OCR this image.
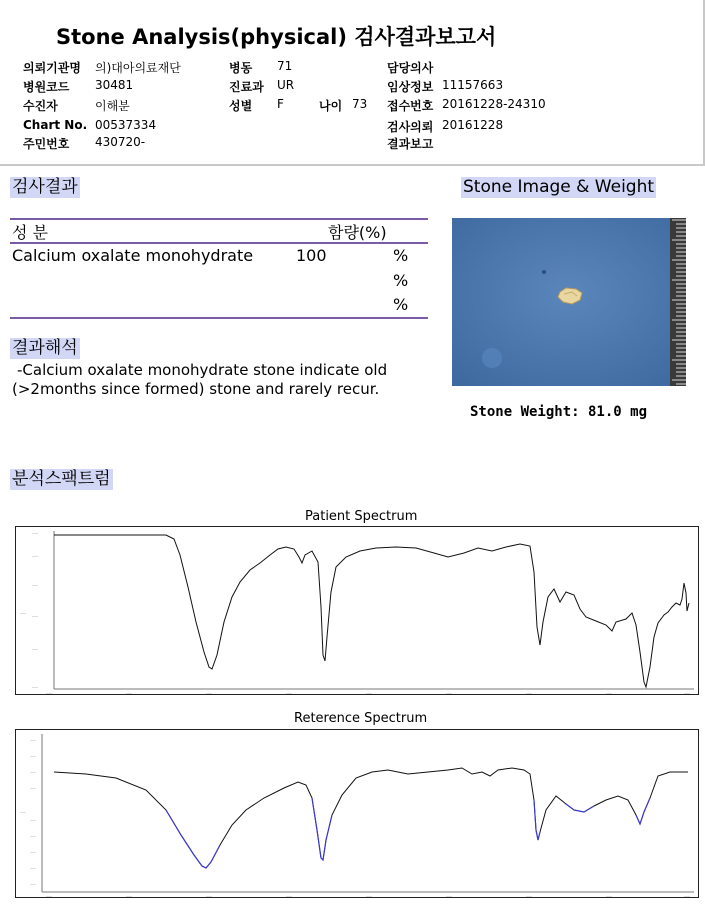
Stone Analysis(physical) 검사결과보고서
의뢰기관명 의)대아의료재단
병원코드 30481
수진자	이해분
Chart No. 00537334
주민번호 430720-
병동 71
진료과 UR
성별 F	나이 73
담당의사
임상정보 11157663
접수번호 20161228-24310
검사의뢰 20161228
결과보고
검사결과
성 분	함량(%)
Calcium oxalate monohydrate	100	%
%
%
결과해석
-Calcium oxalate monohydrate stone indicate old
(>2months since formed) stone and rarely recur.
Stone Image & Weight
Stone Weight: 81.0 mg
분석스팩트럼
Patient Spectrum
___
___
___
___
___
___
___
___	___	___	___	___	___	___	___	___
Reterence Spectrum
___
___
___
___
___
___
___
___
___
___
___	___	___	___	___	___	___	___	___
